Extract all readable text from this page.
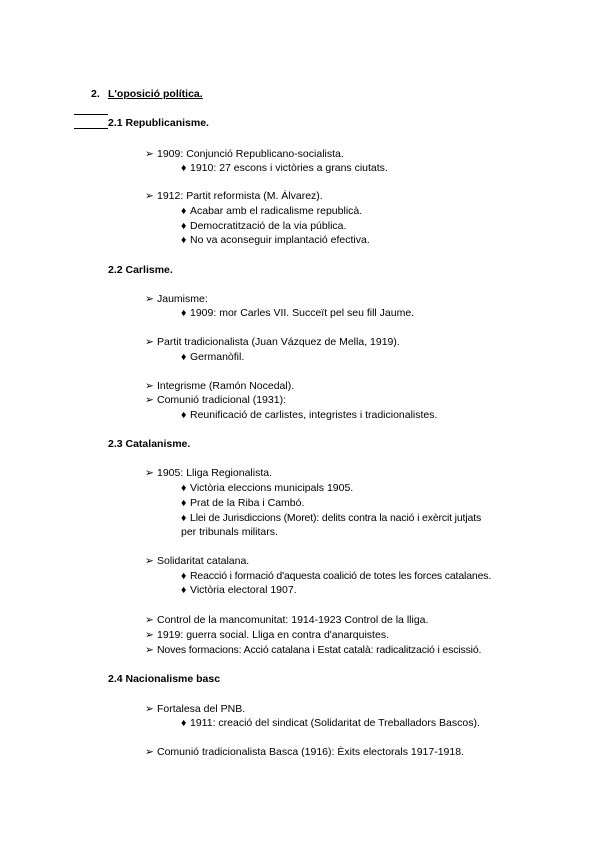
2. L'oposició política.
2.1 Republicanisme.
➢ 1909: Conjunció Republicano-socialista.
♦ 1910: 27 escons i victòries a grans ciutats.
➢ 1912: Partit reformista (M. Álvarez).
♦ Acabar amb el radicalisme republicà.
♦ Democratització de la via pública.
♦ No va aconseguir implantació efectiva.
2.2 Carlisme.
➢ Jaumisme:
♦ 1909: mor Carles VII. Succeït pel seu fill Jaume.
➢ Partit tradicionalista (Juan Vázquez de Mella, 1919).
♦ Germanòfil.
➢ Integrisme (Ramón Nocedal).
➢ Comunió tradicional (1931):
♦ Reunificació de carlistes, integristes i tradicionalistes.
2.3 Catalanisme.
➢ 1905: Lliga Regionalista.
♦ Victòria eleccions municipals 1905.
♦ Prat de la Riba i Cambó.
♦ Llei de Jurisdiccions (Moret): delits contra la nació i exèrcit jutjats
per tribunals militars.
➢ Solidaritat catalana.
♦ Reacció i formació d'aquesta coalició de totes les forces catalanes.
♦ Victòria electoral 1907.
➢ Control de la mancomunitat: 1914-1923 Control de la lliga.
➢ 1919: guerra social. Lliga en contra d'anarquistes.
➢ Noves formacions: Acció catalana i Estat català: radicalització i escissió.
2.4 Nacionalisme basc
➢ Fortalesa del PNB.
♦ 1911: creació del sindicat (Solidaritat de Treballadors Bascos).
➢ Comunió tradicionalista Basca (1916): Èxits electorals 1917-1918.
